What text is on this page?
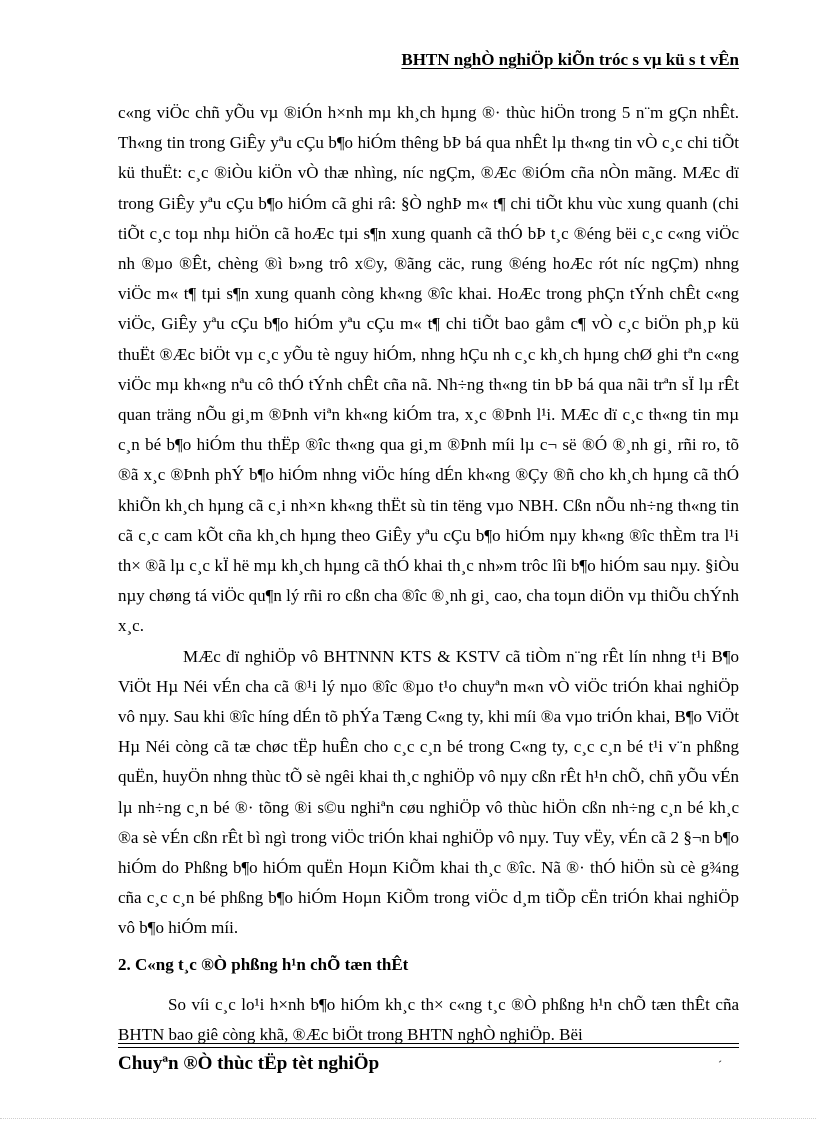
BHTN nghÒ nghiÖp kiÕn tróc s vµ kü s t vÊn

c«ng viÖc chñ yÕu vµ ®iÓn h×nh mµ kh¸ch hµng ®· thùc hiÖn trong 5 n¨m gÇn nhÊt. Th«ng tin trong GiÊy yªu cÇu b¶o hiÓm thêng bÞ bá qua nhÊt lµ th«ng tin vÒ c¸c chi tiÕt kü thuËt: c¸c ®iÒu kiÖn vÒ thæ nhìng, níc ngÇm, ®Æc ®iÓm cña nÒn mãng. MÆc dï trong GiÊy yªu cÇu b¶o hiÓm cã ghi râ: §Ò nghÞ m« t¶ chi tiÕt khu vùc xung quanh (chi tiÕt c¸c toµ nhµ hiÖn cã hoÆc tµi s¶n xung quanh cã thÓ bÞ t¸c ®éng bëi c¸c c«ng viÖc nh ®µo ®Êt, chèng ®ì b»ng trô x©y, ®ãng cäc, rung ®éng hoÆc rót níc ngÇm) nhng viÖc m« t¶ tµi s¶n xung quanh còng kh«ng ®îc khai. HoÆc trong phÇn tÝnh chÊt c«ng viÖc, GiÊy yªu cÇu b¶o hiÓm yªu cÇu m« t¶ chi tiÕt bao gåm c¶ vÒ c¸c biÖn ph¸p kü thuËt ®Æc biÖt vµ c¸c yÕu tè nguy hiÓm, nhng hÇu nh c¸c kh¸ch hµng chØ ghi tªn c«ng viÖc mµ kh«ng nªu cô thÓ tÝnh chÊt cña nã. Nh÷ng th«ng tin bÞ bá qua nãi trªn sÏ lµ rÊt quan träng nÕu gi¸m ®Þnh viªn kh«ng kiÓm tra, x¸c ®Þnh l¹i. MÆc dï c¸c th«ng tin mµ c¸n bé b¶o hiÓm thu thËp ®îc th«ng qua gi¸m ®Þnh míi lµ c¬ së ®Ó ®¸nh gi¸ rñi ro, tõ ®ã x¸c ®Þnh phÝ b¶o hiÓm nhng viÖc híng dÉn kh«ng ®Çy ®ñ cho kh¸ch hµng cã thÓ khiÕn kh¸ch hµng cã c¸i nh×n kh«ng thËt sù tin tëng vµo NBH. Cßn nÕu nh÷ng th«ng tin cã c¸c cam kÕt cña kh¸ch hµng theo GiÊy yªu cÇu b¶o hiÓm nµy kh«ng ®îc thÈm tra l¹i th× ®ã lµ c¸c kÏ hë mµ kh¸ch hµng cã thÓ khai th¸c nh»m trôc lîi b¶o hiÓm sau nµy. §iÒu nµy chøng tá viÖc qu¶n lý rñi ro cßn cha ®îc ®¸nh gi¸ cao, cha toµn diÖn vµ thiÕu chÝnh x¸c.

MÆc dï nghiÖp vô BHTNNN KTS & KSTV cã tiÒm n¨ng rÊt lín nhng t¹i B¶o ViÖt Hµ Néi vÉn cha cã ®¹i lý nµo ®îc ®µo t¹o chuyªn m«n vÒ viÖc triÓn khai nghiÖp vô nµy. Sau khi ®îc híng dÉn tõ phÝa Tæng C«ng ty, khi míi ®a vµo triÓn khai, B¶o ViÖt Hµ Néi còng cã tæ chøc tËp huÊn cho c¸c c¸n bé trong C«ng ty, c¸c c¸n bé t¹i v¨n phßng quËn, huyÖn nhng thùc tÕ sè ngêi khai th¸c nghiÖp vô nµy cßn rÊt h¹n chÕ, chñ yÕu vÉn lµ nh÷ng c¸n bé ®· tõng ®i s©u nghiªn cøu nghiÖp vô thùc hiÖn cßn nh÷ng c¸n bé kh¸c ®a sè vÉn cßn rÊt bì ngì trong viÖc triÓn khai nghiÖp vô nµy. Tuy vËy, vÉn cã 2 §¬n b¶o hiÓm do Phßng b¶o hiÓm quËn Hoµn KiÕm khai th¸c ®îc. Nã ®· thÓ hiÖn sù cè g¾ng cña c¸c c¸n bé phßng b¶o hiÓm Hoµn KiÕm trong viÖc d¸m tiÕp cËn triÓn khai nghiÖp vô b¶o hiÓm míi.

2. C«ng t¸c ®Ò phßng h¹n chÕ tæn thÊt

So víi c¸c lo¹i h×nh b¶o hiÓm kh¸c th× c«ng t¸c ®Ò phßng h¹n chÕ tæn thÊt cña BHTN bao giê còng khã, ®Æc biÖt trong BHTN nghÒ nghiÖp. Bëi

Chuyªn ®Ò thùc tËp tèt nghiÖp	´
